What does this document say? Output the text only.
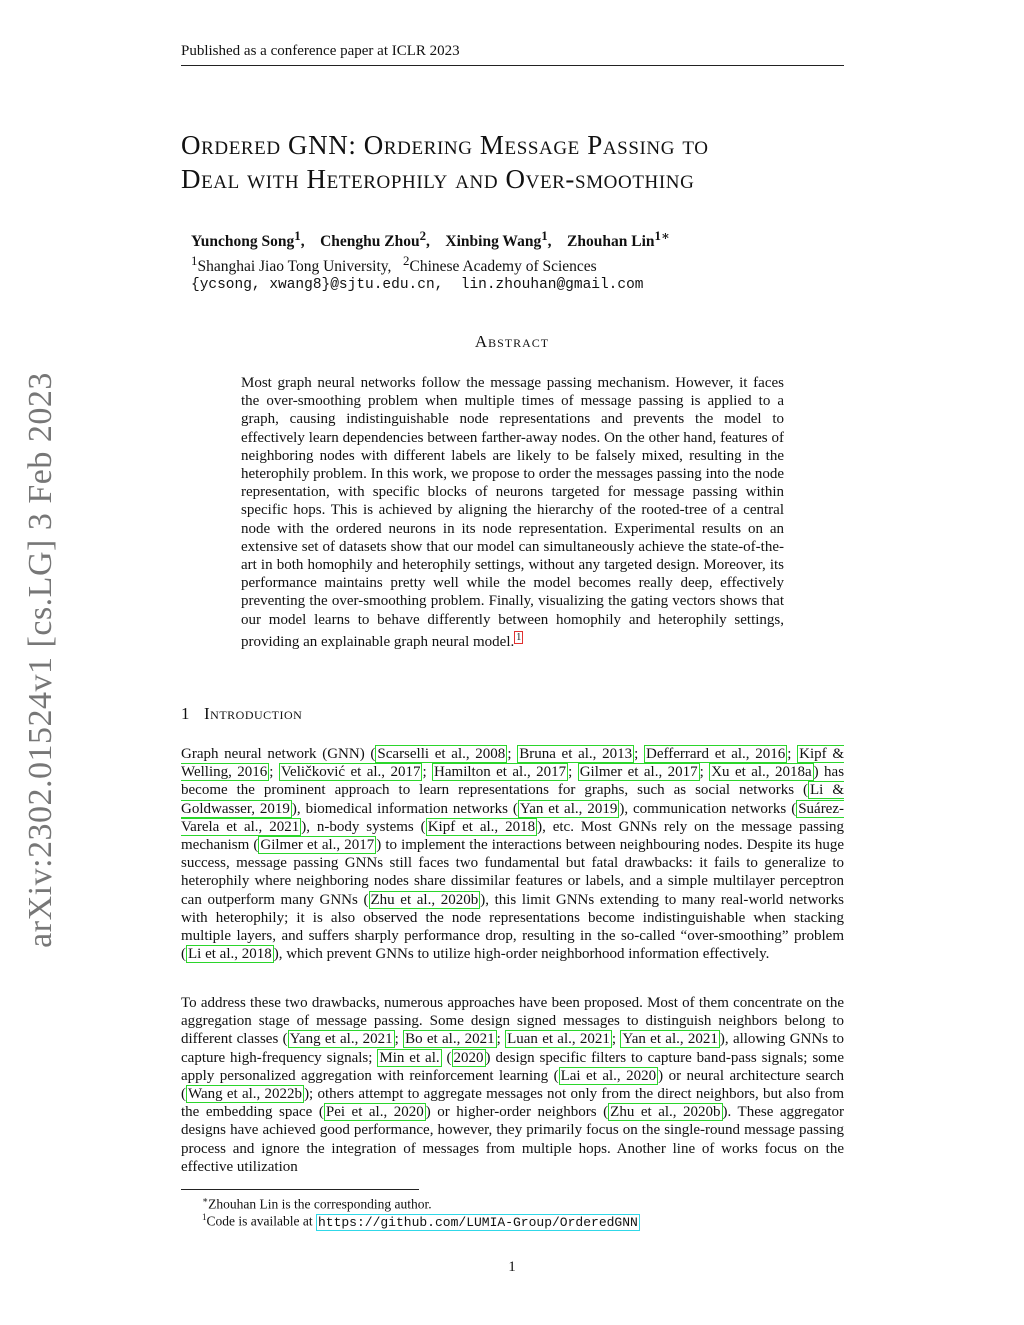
Published as a conference paper at ICLR 2023
arXiv:2302.01524v1 [cs.LG] 3 Feb 2023
Ordered GNN: Ordering Message Passing to
Deal with Heterophily and Over-smoothing
Yunchong Song$^1$,    Chenghu Zhou$^2$,    Xinbing Wang$^1$,    Zhouhan Lin$^{1∗}$
$^1$Shanghai Jiao Tong University, $^2$Chinese Academy of Sciences
{ycsong, xwang8}@sjtu.edu.cn, lin.zhouhan@gmail.com
Abstract

Most graph neural networks follow the message passing mechanism. However, it faces the over-smoothing problem when multiple times of message passing is applied to a graph, causing indistinguishable node representations and prevents the model to effectively learn dependencies between farther-away nodes. On the other hand, features of neighboring nodes with different labels are likely to be falsely mixed, resulting in the heterophily problem. In this work, we propose to order the messages passing into the node representation, with specific blocks of neurons targeted for message passing within specific hops. This is achieved by aligning the hierarchy of the rooted-tree of a central node with the ordered neurons in its node representation. Experimental results on an extensive set of datasets show that our model can simultaneously achieve the state-of-the-art in both homophily and heterophily settings, without any targeted design. Moreover, its performance maintains pretty well while the model becomes really deep, effectively preventing the over-smoothing problem. Finally, visualizing the gating vectors shows that our model learns to behave differently between homophily and heterophily settings, providing an explainable graph neural model. $^1$

1 Introduction

Graph neural network (GNN) ( Scarselli et al., 2008 ; Bruna et al., 2013 ; Defferrard et al., 2016 ; Kipf & Welling, 2016 ; Veličković et al., 2017 ; Hamilton et al., 2017 ; Gilmer et al., 2017 ; Xu et al., 2018a ) has become the prominent approach to learn representations for graphs, such as social networks ( Li & Goldwasser, 2019 ), biomedical information networks ( Yan et al., 2019 ), communication networks ( Suárez-Varela et al., 2021 ), n-body systems ( Kipf et al., 2018 ), etc. Most GNNs rely on the message passing mechanism ( Gilmer et al., 2017 ) to implement the interactions between neighbouring nodes. Despite its huge success, message passing GNNs still faces two fundamental but fatal drawbacks: it fails to generalize to heterophily where neighboring nodes share dissimilar features or labels, and a simple multilayer perceptron can outperform many GNNs ( Zhu et al., 2020b ), this limit GNNs extending to many real-world networks with heterophily; it is also observed the node representations become indistinguishable when stacking multiple layers, and suffers sharply performance drop, resulting in the so-called “over-smoothing” problem ( Li et al., 2018 ), which prevent GNNs to utilize high-order neighborhood information effectively.

To address these two drawbacks, numerous approaches have been proposed. Most of them concentrate on the aggregation stage of message passing. Some design signed messages to distinguish neighbors belong to different classes ( Yang et al., 2021 ; Bo et al., 2021 ; Luan et al., 2021 ; Yan et al., 2021 ), allowing GNNs to capture high-frequency signals; Min et al. ( 2020 ) design specific filters to capture band-pass signals; some apply personalized aggregation with reinforcement learning ( Lai et al., 2020 ) or neural architecture search ( Wang et al., 2022b ); others attempt to aggregate messages not only from the direct neighbors, but also from the embedding space ( Pei et al., 2020 ) or higher-order neighbors ( Zhu et al., 2020b ). These aggregator designs have achieved good performance, however, they primarily focus on the single-round message passing process and ignore the integration of messages from multiple hops. Another line of works focus on the effective utilization

∗Zhouhan Lin is the corresponding author.
$^1$Code is available at https://github.com/LUMIA-Group/OrderedGNN
1
